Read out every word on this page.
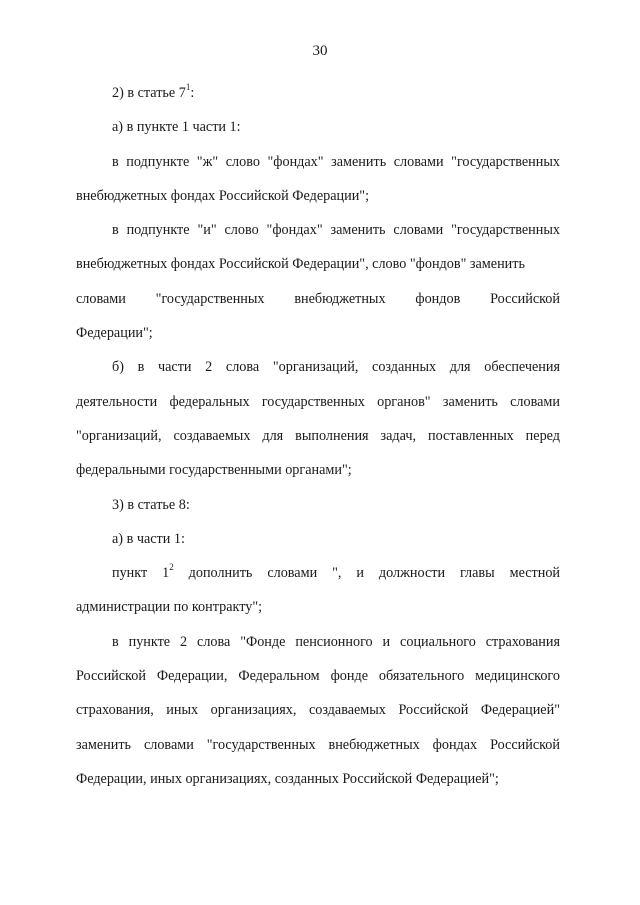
30

2) в статье $7^1$:

а) в пункте 1 части 1:

в подпункте "ж" слово "фондах" заменить словами "государственных внебюджетных фондах Российской Федерации";

в подпункте "и" слово "фондах" заменить словами "государственных внебюджетных фондах Российской Федерации", слово "фондов" заменить

словами "государственных внебюджетных фондов Российской
Федерации";

б) в части 2 слова "организаций, созданных для обеспечения деятельности федеральных государственных органов" заменить словами "организаций, создаваемых для выполнения задач, поставленных перед федеральными государственными органами";

3) в статье 8:

а) в части 1:

пункт $1^2$ дополнить словами ", и должности главы местной администрации по контракту";

в пункте 2 слова "Фонде пенсионного и социального страхования Российской Федерации, Федеральном фонде обязательного медицинского страхования, иных организациях, создаваемых Российской Федерацией" заменить словами "государственных внебюджетных фондах Российской Федерации, иных организациях, созданных Российской Федерацией";
